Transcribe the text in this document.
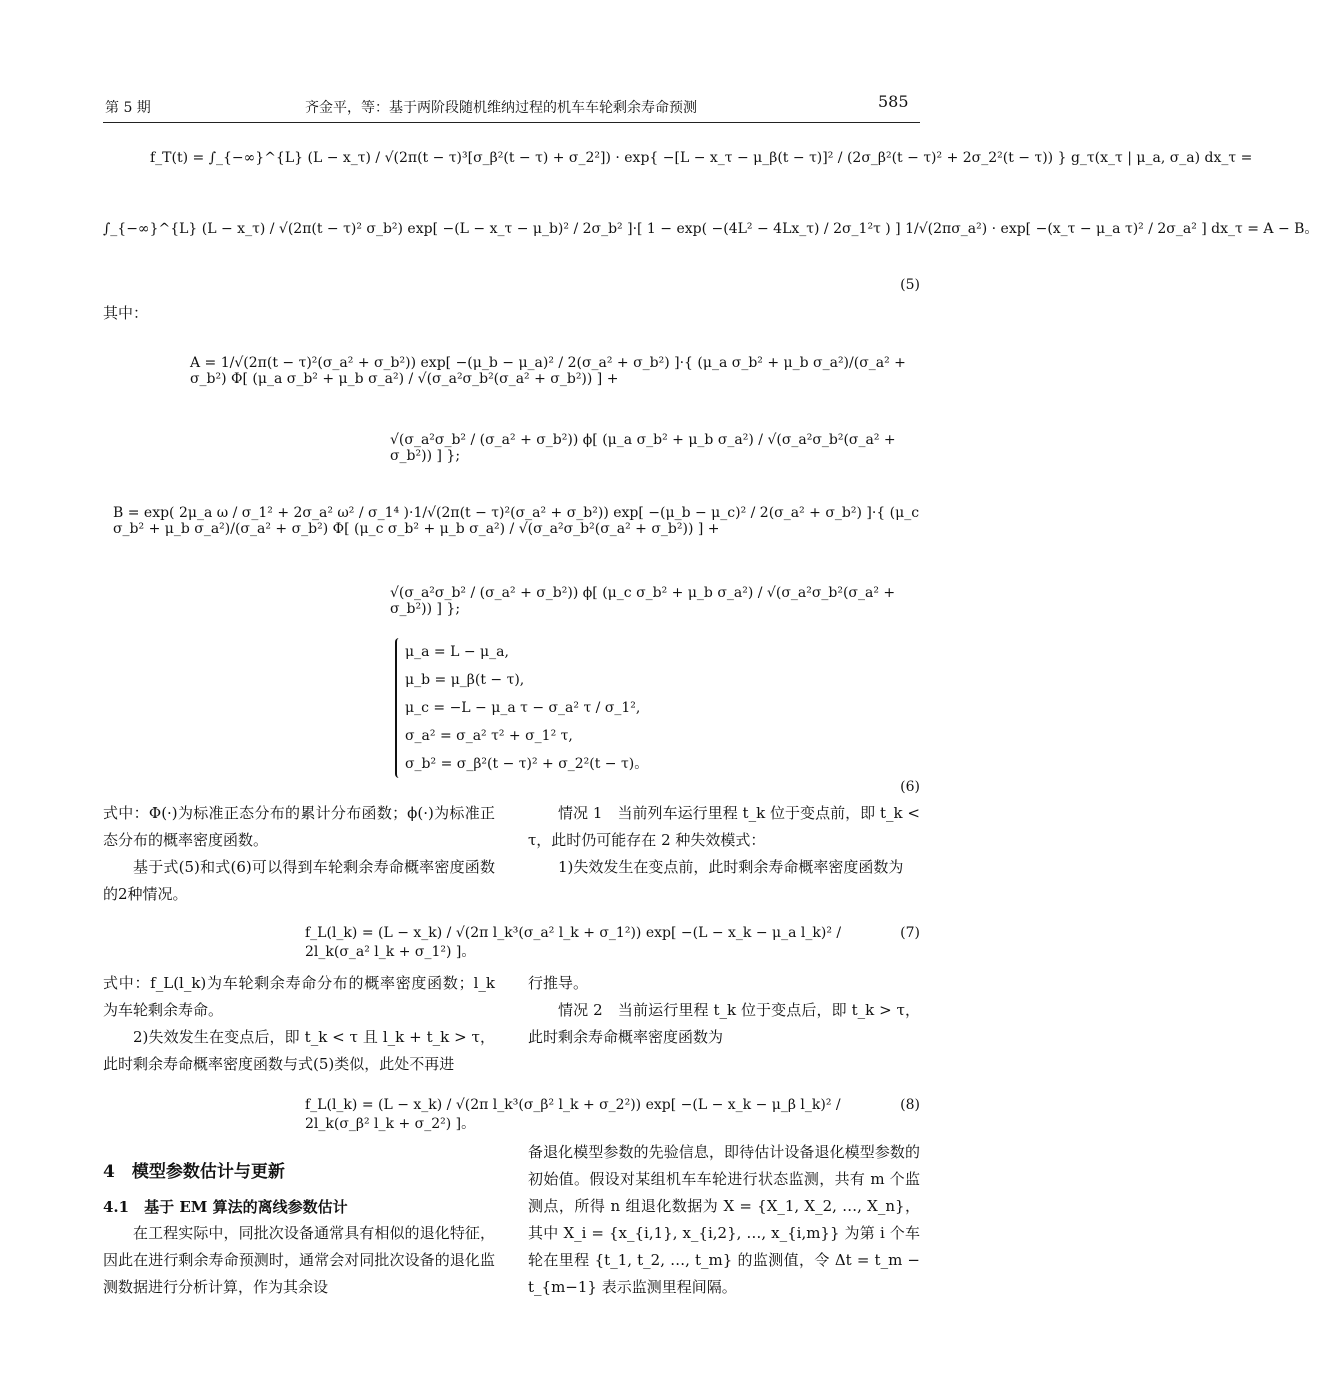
第 5 期	齐金平，等：基于两阶段随机维纳过程的机车车轮剩余寿命预测	585
f_T(t) = ∫_{−∞}^{L} (L − x_τ) / √(2π(t − τ)³[σ_β²(t − τ) + σ_2²]) · exp{ −[L − x_τ − μ_β(t − τ)]² / (2σ_β²(t − τ)² + 2σ_2²(t − τ)) } g_τ(x_τ | μ_a, σ_a) dx_τ =
∫_{−∞}^{L} (L − x_τ) / √(2π(t − τ)² σ_b²) exp[ −(L − x_τ − μ_b)² / 2σ_b² ]·[ 1 − exp( −(4L² − 4Lx_τ) / 2σ_1²τ ) ] 1/√(2πσ_a²) · exp[ −(x_τ − μ_a τ)² / 2σ_a² ] dx_τ = A − B。
(5)
其中：
A = 1/√(2π(t − τ)²(σ_a² + σ_b²)) exp[ −(μ_b − μ_a)² / 2(σ_a² + σ_b²) ]·{ (μ_a σ_b² + μ_b σ_a²)/(σ_a² + σ_b²) Φ[ (μ_a σ_b² + μ_b σ_a²) / √(σ_a²σ_b²(σ_a² + σ_b²)) ] +
√(σ_a²σ_b² / (σ_a² + σ_b²)) ϕ[ (μ_a σ_b² + μ_b σ_a²) / √(σ_a²σ_b²(σ_a² + σ_b²)) ] };
B = exp( 2μ_a ω / σ_1² + 2σ_a² ω² / σ_1⁴ )·1/√(2π(t − τ)²(σ_a² + σ_b²)) exp[ −(μ_b − μ_c)² / 2(σ_a² + σ_b²) ]·{ (μ_c σ_b² + μ_b σ_a²)/(σ_a² + σ_b²) Φ[ (μ_c σ_b² + μ_b σ_a²) / √(σ_a²σ_b²(σ_a² + σ_b²)) ] +
√(σ_a²σ_b² / (σ_a² + σ_b²)) ϕ[ (μ_c σ_b² + μ_b σ_a²) / √(σ_a²σ_b²(σ_a² + σ_b²)) ] };
μ_a = L − μ_a,
μ_b = μ_β(t − τ),
μ_c = −L − μ_a τ − σ_a² τ / σ_1²,
σ_a² = σ_a² τ² + σ_1² τ,
σ_b² = σ_β²(t − τ)² + σ_2²(t − τ)。
(6)
式中：Φ(·)为标准正态分布的累计分布函数；ϕ(·)为标准正态分布的概率密度函数。
基于式(5)和式(6)可以得到车轮剩余寿命概率密度函数的2种情况。
情况 1　当前列车运行里程 t_k 位于变点前，即 t_k < τ，此时仍可能存在 2 种失效模式：
1)失效发生在变点前，此时剩余寿命概率密度函数为
f_L(l_k) = (L − x_k) / √(2π l_k³(σ_a² l_k + σ_1²)) exp[ −(L − x_k − μ_a l_k)² / 2l_k(σ_a² l_k + σ_1²) ]。
(7)
式中：f_L(l_k)为车轮剩余寿命分布的概率密度函数；l_k为车轮剩余寿命。
2)失效发生在变点后，即 t_k < τ 且 l_k + t_k > τ，此时剩余寿命概率密度函数与式(5)类似，此处不再进
行推导。
情况 2　当前运行里程 t_k 位于变点后，即 t_k > τ，此时剩余寿命概率密度函数为
f_L(l_k) = (L − x_k) / √(2π l_k³(σ_β² l_k + σ_2²)) exp[ −(L − x_k − μ_β l_k)² / 2l_k(σ_β² l_k + σ_2²) ]。
(8)
4　模型参数估计与更新
4.1　基于 EM 算法的离线参数估计
在工程实际中，同批次设备通常具有相似的退化特征，因此在进行剩余寿命预测时，通常会对同批次设备的退化监测数据进行分析计算，作为其余设
备退化模型参数的先验信息，即待估计设备退化模型参数的初始值。假设对某组机车车轮进行状态监测，共有 m 个监测点，所得 n 组退化数据为 X = {X_1, X_2, …, X_n}，其中 X_i = {x_{i,1}, x_{i,2}, …, x_{i,m}} 为第 i 个车轮在里程 {t_1, t_2, …, t_m} 的监测值，令 Δt = t_m − t_{m−1} 表示监测里程间隔。
